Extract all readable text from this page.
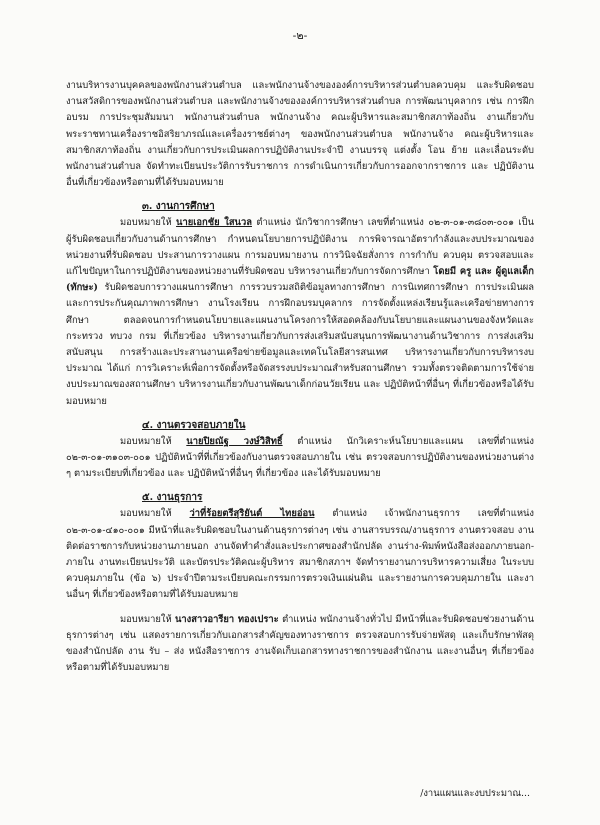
-๒-

งานบริหารงานบุคคลของพนักงานส่วนตำบล และพนักงานจ้างขององค์การบริหารส่วนตำบลควบคุม และรับผิดชอบงานสวัสดิการของพนักงานส่วนตำบล และพนักงานจ้างขององค์การบริหารส่วนตำบล การพัฒนาบุคลากร เช่น การฝึกอบรม การประชุมสัมมนา พนักงานส่วนตำบล พนักงานจ้าง คณะผู้บริหารและสมาชิกสภาท้องถิ่น งานเกี่ยวกับพระราชทานเครื่องราชอิสริยาภรณ์และเครื่องราชย์ต่างๆ ของพนักงานส่วนตำบล พนักงานจ้าง คณะผู้บริหารและสมาชิกสภาท้องถิ่น งานเกี่ยวกับการประเมินผลการปฏิบัติงานประจำปี งานบรรจุ แต่งตั้ง โอน ย้าย และเลื่อนระดับพนักงานส่วนตำบล จัดทำทะเบียนประวัติการรับราชการ การดำเนินการเกี่ยวกับการออกจากราชการ และ ปฏิบัติงานอื่นที่เกี่ยวข้องหรือตามที่ได้รับมอบหมาย

๓. งานการศึกษา

มอบหมายให้ นายเอกชัย ใสนวล ตำแหน่ง นักวิชาการศึกษา เลขที่ตำแหน่ง ๐๒-๓-๐๑-๓๘๐๓-๐๐๑ เป็นผู้รับผิดชอบเกี่ยวกับงานด้านการศึกษา กำหนดนโยบายการปฏิบัติงาน การพิจารณาอัตรากำลังและงบประมาณของหน่วยงานที่รับผิดชอบ ประสานการวางแผน การมอบหมายงาน การวินิจฉัยสั่งการ การกำกับ ควบคุม ตรวจสอบและแก้ไขปัญหาในการปฏิบัติงานของหน่วยงานที่รับผิดชอบ บริหารงานเกี่ยวกับการจัดการศึกษา โดยมี ครู และ ผู้ดูแลเด็ก (ทักษะ) รับผิดชอบการวางแผนการศึกษา การรวบรวมสถิติข้อมูลทางการศึกษา การนิเทศการศึกษา การประเมินผลและการประกันคุณภาพการศึกษา งานโรงเรียน การฝึกอบรมบุคลากร การจัดตั้งแหล่งเรียนรู้และเครือข่ายทางการศึกษา ตลอดจนการกำหนดนโยบายและแผนงานโครงการให้สอดคล้องกับนโยบายและแผนงานของจังหวัดและกระทรวง ทบวง กรม ที่เกี่ยวข้อง บริหารงานเกี่ยวกับการส่งเสริมสนับสนุนการพัฒนางานด้านวิชาการ การส่งเสริมสนับสนุน การสร้างและประสานงานเครือข่ายข้อมูลและเทคโนโลยีสารสนเทศ บริหารงานเกี่ยวกับการบริหารงบประมาณ ได้แก่ การวิเคราะห์เพื่อการจัดตั้งหรือจัดสรรงบประมาณสำหรับสถานศึกษา รวมทั้งตรวจติดตามการใช้จ่ายงบประมาณของสถานศึกษา บริหารงานเกี่ยวกับงานพัฒนาเด็กก่อนวัยเรียน และ ปฏิบัติหน้าที่อื่นๆ ที่เกี่ยวข้องหรือได้รับมอบหมาย

๔. งานตรวจสอบภายใน

มอบหมายให้ นายปิยณัฐ วงษ์วิสิทธิ์ ตำแหน่ง นักวิเคราะห์นโยบายและแผน เลขที่ตำแหน่ง ๐๒-๓-๐๑-๓๑๐๓-๐๐๑ ปฏิบัติหน้าที่ที่เกี่ยวข้องกับงานตรวจสอบภายใน เช่น ตรวจสอบการปฏิบัติงานของหน่วยงานต่าง ๆ ตามระเบียบที่เกี่ยวข้อง และ ปฏิบัติหน้าที่อื่นๆ ที่เกี่ยวข้อง และได้รับมอบหมาย

๕. งานธุรการ

มอบหมายให้ ว่าที่ร้อยตรีสุริยันต์ ไทยอ่อน ตำแหน่ง เจ้าพนักงานธุรการ เลขที่ตำแหน่ง ๐๒-๓-๐๑-๔๑๐-๐๐๑ มีหน้าที่และรับผิดชอบในงานด้านธุรการต่างๆ เช่น งานสารบรรณ/งานธุรการ งานตรวจสอบ งานติดต่อราชการกับหน่วยงานภายนอก งานจัดทำคำสั่งและประกาศของสำนักปลัด งานร่าง-พิมพ์หนังสือส่งออกภายนอก-ภายใน งานทะเบียนประวัติ และบัตรประวัติคณะผู้บริหาร สมาชิกสภาฯ จัดทำรายงานการบริหารความเสี่ยง ในระบบควบคุมภายใน (ข้อ ๖) ประจำปีตามระเบียบคณะกรรมการตรวจเงินแผ่นดิน และรายงานการควบคุมภายใน และงานอื่นๆ ที่เกี่ยวข้องหรือตามที่ได้รับมอบหมาย

มอบหมายให้ นางสาวอารียา ทองเปราะ ตำแหน่ง พนักงานจ้างทั่วไป มีหน้าที่และรับผิดชอบช่วยงานด้านธุรการต่างๆ เช่น แสดงรายการเกี่ยวกับเอกสารสำคัญของทางราชการ ตรวจสอบการรับจ่ายพัสดุ และเก็บรักษาพัสดุของสำนักปลัด งาน รับ – ส่ง หนังสือราชการ งานจัดเก็บเอกสารทางราชการของสำนักงาน และงานอื่นๆ ที่เกี่ยวข้องหรือตามที่ได้รับมอบหมาย

/งานแผนและงบประมาณ...
